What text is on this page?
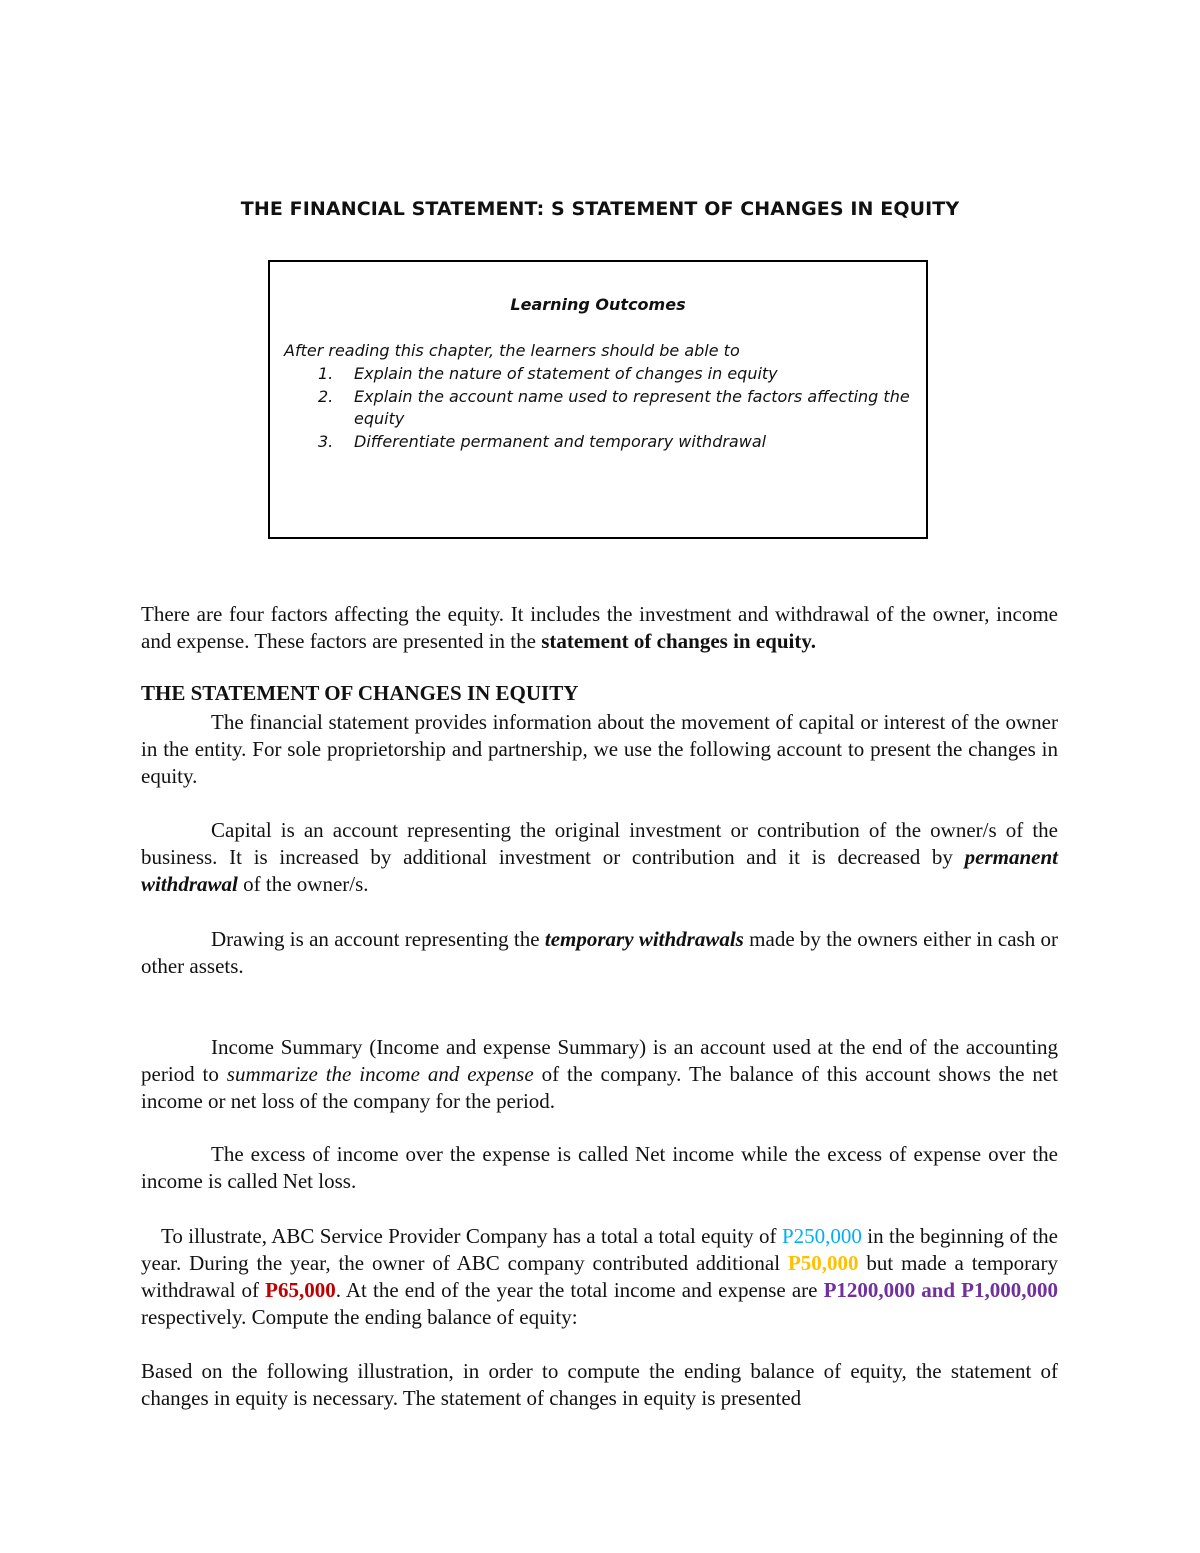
THE FINANCIAL STATEMENT: S STATEMENT OF CHANGES IN EQUITY
Learning Outcomes
After reading this chapter, the learners should be able to
1. Explain the nature of statement of changes in equity
2. Explain the account name used to represent the factors affecting the equity
3. Differentiate permanent and temporary withdrawal

There are four factors affecting the equity. It includes the investment and withdrawal of the owner, income and expense. These factors are presented in the statement of changes in equity.

THE STATEMENT OF CHANGES IN EQUITY

The financial statement provides information about the movement of capital or interest of the owner in the entity. For sole proprietorship and partnership, we use the following account to present the changes in equity.

Capital is an account representing the original investment or contribution of the owner/s of the business. It is increased by additional investment or contribution and it is decreased by permanent withdrawal of the owner/s.

Drawing is an account representing the temporary withdrawals made by the owners either in cash or other assets.

Income Summary (Income and expense Summary) is an account used at the end of the accounting period to summarize the income and expense of the company. The balance of this account shows the net income or net loss of the company for the period.

The excess of income over the expense is called Net income while the excess of expense over the income is called Net loss.

To illustrate, ABC Service Provider Company has a total a total equity of P250,000 in the beginning of the year. During the year, the owner of ABC company contributed additional P50,000 but made a temporary withdrawal of P65,000. At the end of the year the total income and expense are P1200,000 and P1,000,000 respectively. Compute the ending balance of equity:

Based on the following illustration, in order to compute the ending balance of equity, the statement of changes in equity is necessary. The statement of changes in equity is presented
